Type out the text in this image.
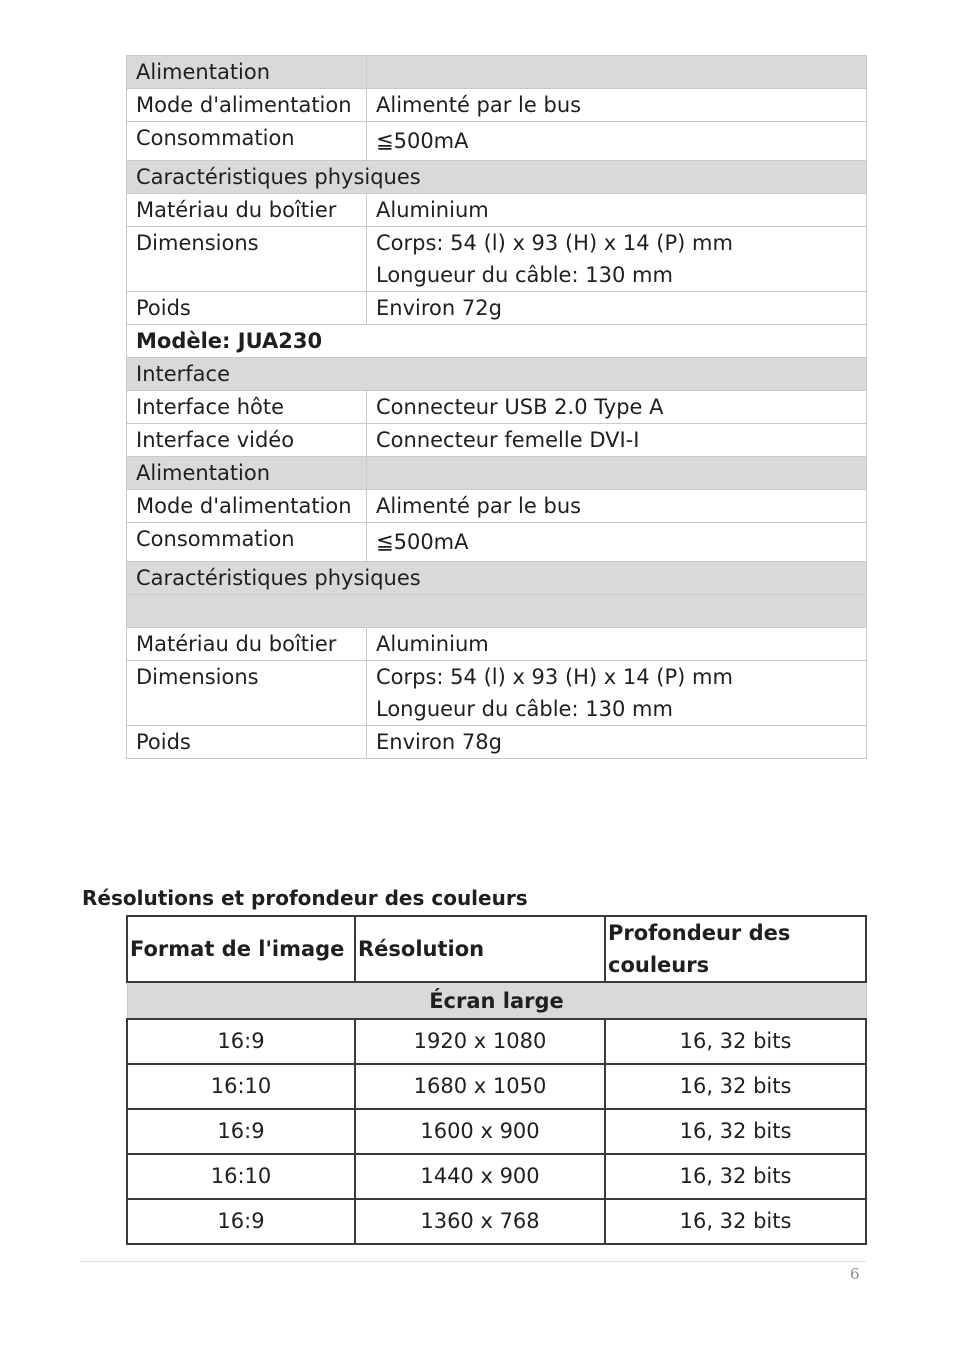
Alimentation	
Mode d'alimentation	Alimenté par le bus
Consommation	≦500mA
Caractéristiques physiques	
Matériau du boîtier	Aluminium
Dimensions	Corps: 54 (l) x 93 (H) x 14 (P) mm
Longueur du câble: 130 mm

Poids	Environ 72g
Modèle: JUA230	
Interface	
Interface hôte	Connecteur USB 2.0 Type A
Interface vidéo	Connecteur femelle DVI-I
Alimentation	
Mode d'alimentation	Alimenté par le bus
Consommation	≦500mA
Caractéristiques physiques	

Matériau du boîtier	Aluminium
Dimensions	Corps: 54 (l) x 93 (H) x 14 (P) mm
Longueur du câble: 130 mm

Poids	Environ 78g
Résolutions et profondeur des couleurs
Format de l'image	Résolution	Profondeur des couleurs
Écran large		
16:9	1920 x 1080	16, 32 bits
16:10	1680 x 1050	16, 32 bits
16:9	1600 x 900	16, 32 bits
16:10	1440 x 900	16, 32 bits
16:9	1360 x 768	16, 32 bits
6
